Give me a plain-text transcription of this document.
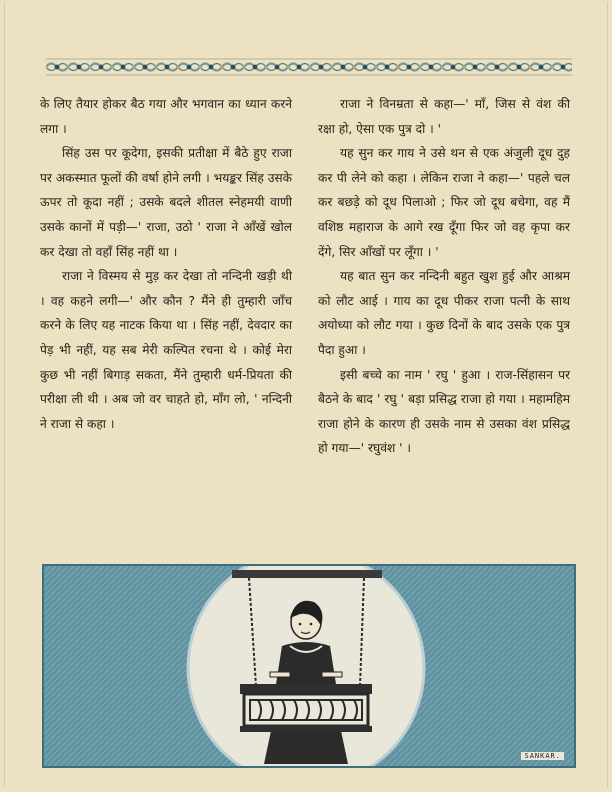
के लिए तैयार होकर बैठ गया और भगवान का ध्यान करने लगा ।

सिंह उस पर कूदेगा, इसकी प्रतीक्षा में बैठे हुए राजा पर अकस्मात फूलों की वर्षा होने लगी । भयङ्कर सिंह उसके ऊपर तो कूदा नहीं ; उसके बदले शीतल स्नेहमयी वाणी उसके कानों में पड़ी—' राजा, उठो ' राजा ने आँखें खोल कर देखा तो वहाँ सिंह नहीं था ।

राजा ने विस्मय से मुड़ कर देखा तो नन्दिनी खड़ी थी । वह कहने लगी—' और कौन ? मैंने ही तुम्हारी जाँच करने के लिए यह नाटक किया था । सिंह नहीं, देवदार का पेड़ भी नहीं, यह सब मेरी कल्पित रचना थे । कोई मेरा कुछ भी नहीं बिगाड़ सकता, मैंने तुम्हारी धर्म-प्रियता की परीक्षा ली थी । अब जो वर चाहते हो, माँग लो, ' नन्दिनी ने राजा से कहा ।

राजा ने विनम्रता से कहा—' माँ, जिस से वंश की रक्षा हो, ऐसा एक पुत्र दो । '

यह सुन कर गाय ने उसे थन से एक अंजुली दूध दुह कर पी लेने को कहा । लेकिन राजा ने कहा—' पहले चल कर बछड़े को दूध पिलाओ ; फिर जो दूध बचेगा, वह मैं वशिष्ठ महाराज के आगे रख दूँगा फिर जो वह कृपा कर देंगे, सिर आँखों पर लूँगा । '

यह बात सुन कर नन्दिनी बहुत खुश हुई और आश्रम को लौट आई । गाय का दूध पीकर राजा पत्नी के साथ अयोध्या को लौट गया । कुछ दिनों के बाद उसके एक पुत्र पैदा हुआ ।

इसी बच्चे का नाम ' रघु ' हुआ । राज-सिंहासन पर बैठने के बाद ' रघु ' बड़ा प्रसिद्ध राजा हो गया । महामहिम राजा होने के कारण ही उसके नाम से उसका वंश प्रसिद्ध हो गया—' रघुवंश ' ।

SANKAR.
